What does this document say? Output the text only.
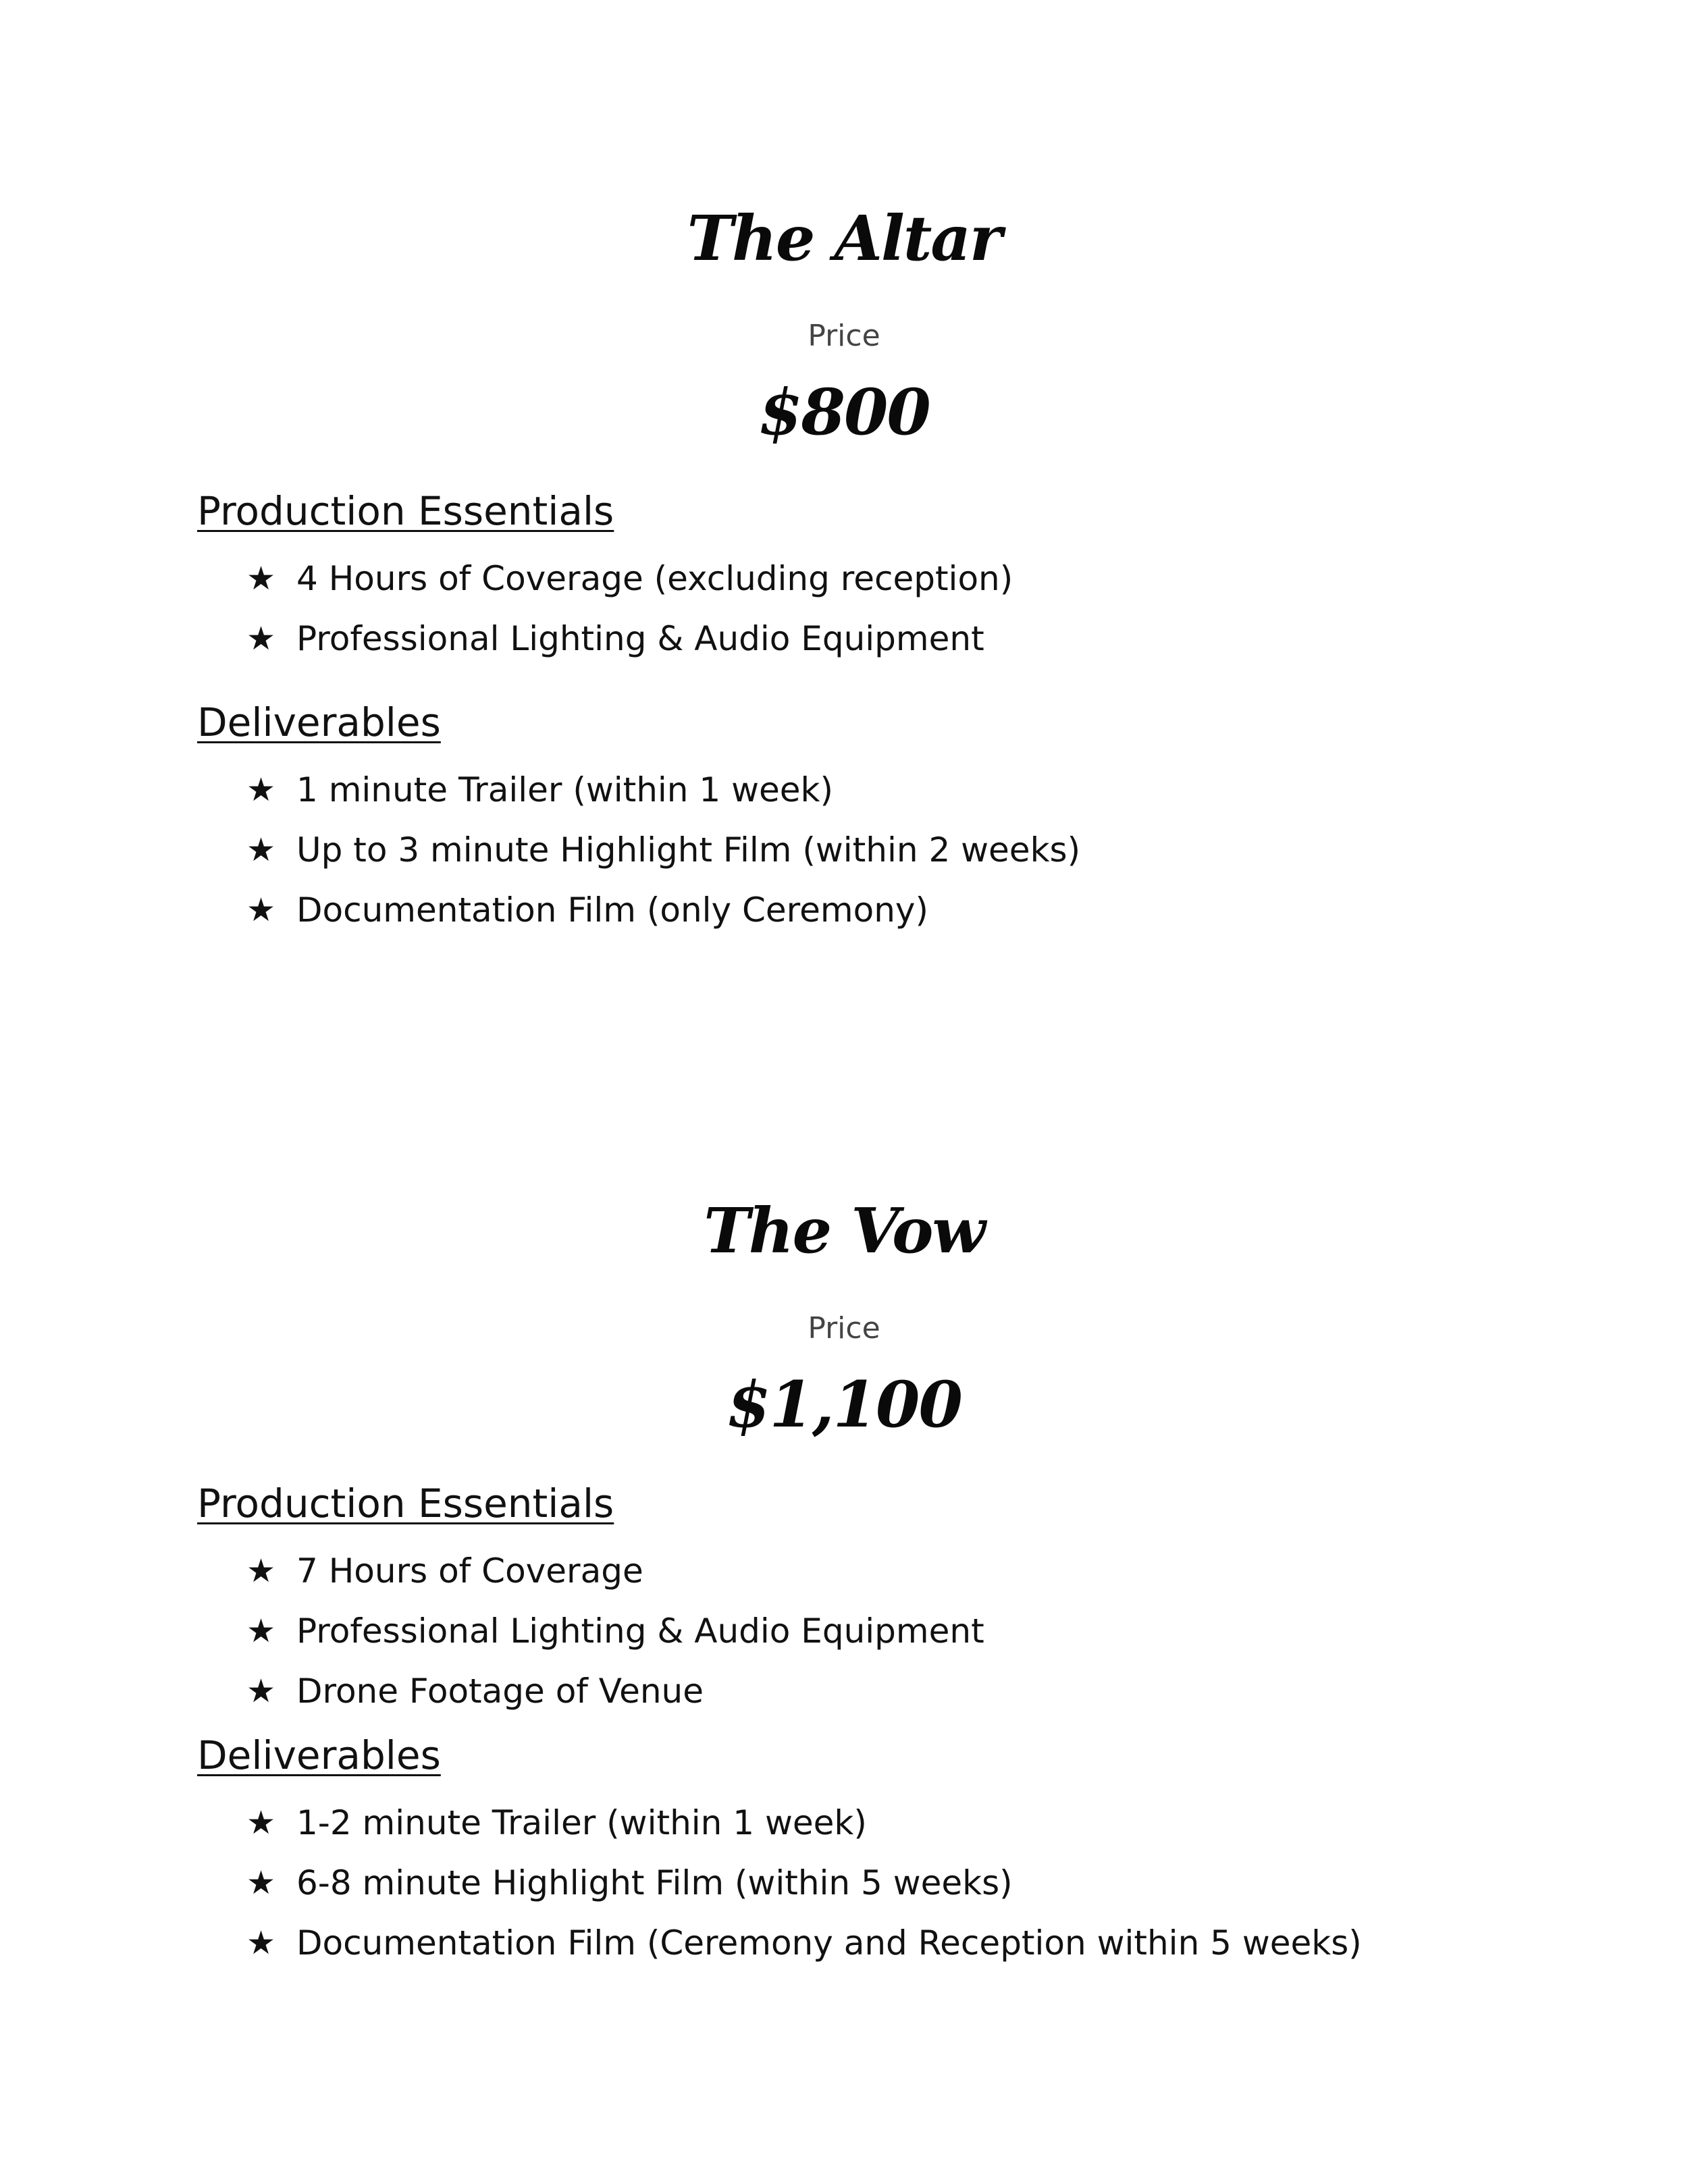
The Altar
Price
$800
Production Essentials
★ 4 Hours of Coverage (excluding reception)
★ Professional Lighting & Audio Equipment
Deliverables
★ 1 minute Trailer (within 1 week)
★ Up to 3 minute Highlight Film (within 2 weeks)
★ Documentation Film (only Ceremony)
The Vow
Price
$1,100
Production Essentials
★ 7 Hours of Coverage
★ Professional Lighting & Audio Equipment
★ Drone Footage of Venue
Deliverables
★ 1-2 minute Trailer (within 1 week)
★ 6-8 minute Highlight Film (within 5 weeks)
★ Documentation Film (Ceremony and Reception within 5 weeks)
